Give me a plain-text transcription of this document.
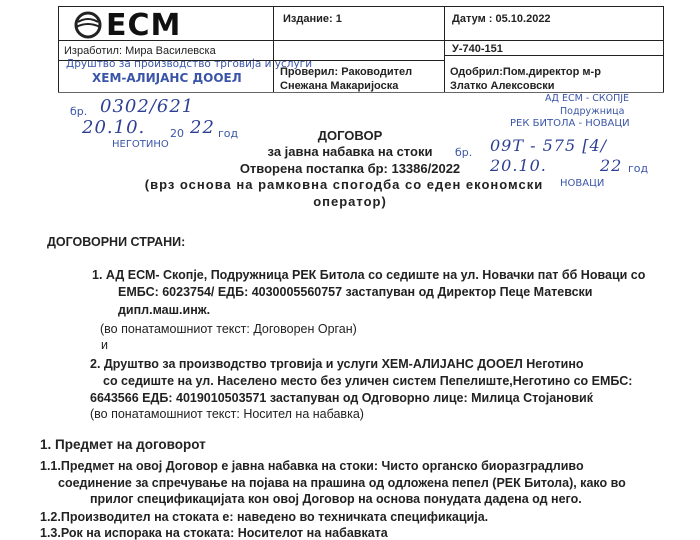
ECM	Издание: 1	Датум : 05.10.2022
У-740-151
Изработил: Мира Василевска
Проверил: Раководител
Снежана Макаријоска
Одобрил:Пом.директор м-р
Златко Алексовски
Друштво за производство трговија и услуги
ХЕМ-АЛИЈАНС ДООЕЛ
бр. 0302/621
20.10. 20 22 год
НЕГОТИНО
АД ЕСМ - СКОПЈЕ
Подружница
РЕК БИТОЛА - НОВАЦИ
бр. 09Т - 575 [4/
20.10.	22 год
НОВАЦИ
ДОГОВОР
за јавна набавка на стоки
Отворена постапка бр: 13386/2022
(врз основа на рамковна спогодба со еден економски
оператор)
ДОГОВОРНИ СТРАНИ:
1. АД ЕСМ- Скопје, Подружница РЕК Битола со седиште на ул. Новачки пат бб Новаци со
ЕМБС: 6023754/ ЕДБ: 4030005560757 застапуван од Директор Пеце Матевски
дипл.маш.инж.
(во понатамошниот текст: Договорен Орган)
и
2. Друштво за производство трговија и услуги ХЕМ-АЛИЈАНС ДООЕЛ Неготино
со седиште на ул. Населено место без уличен систем Пепелиште,Неготино со ЕМБС:
6643566 ЕДБ: 4019010503571 застапуван од Одговорно лице: Милица Стојановиќ
(во понатамошниот текст: Носител на набавка)
1. Предмет на договорот
1.1.Предмет на овој Договор е јавна набавка на стоки: Чисто органско биоразградливо
соединение за спречување на појава на прашина од одложена пепел (РЕК Битола), како во
прилог спецификацијата кон овој Договор на основа понудата дадена од него.
1.2.Производител на стоката е: наведено во техничката спецификација.
1.3.Рок на испорака на стоката: Носителот на набавката
